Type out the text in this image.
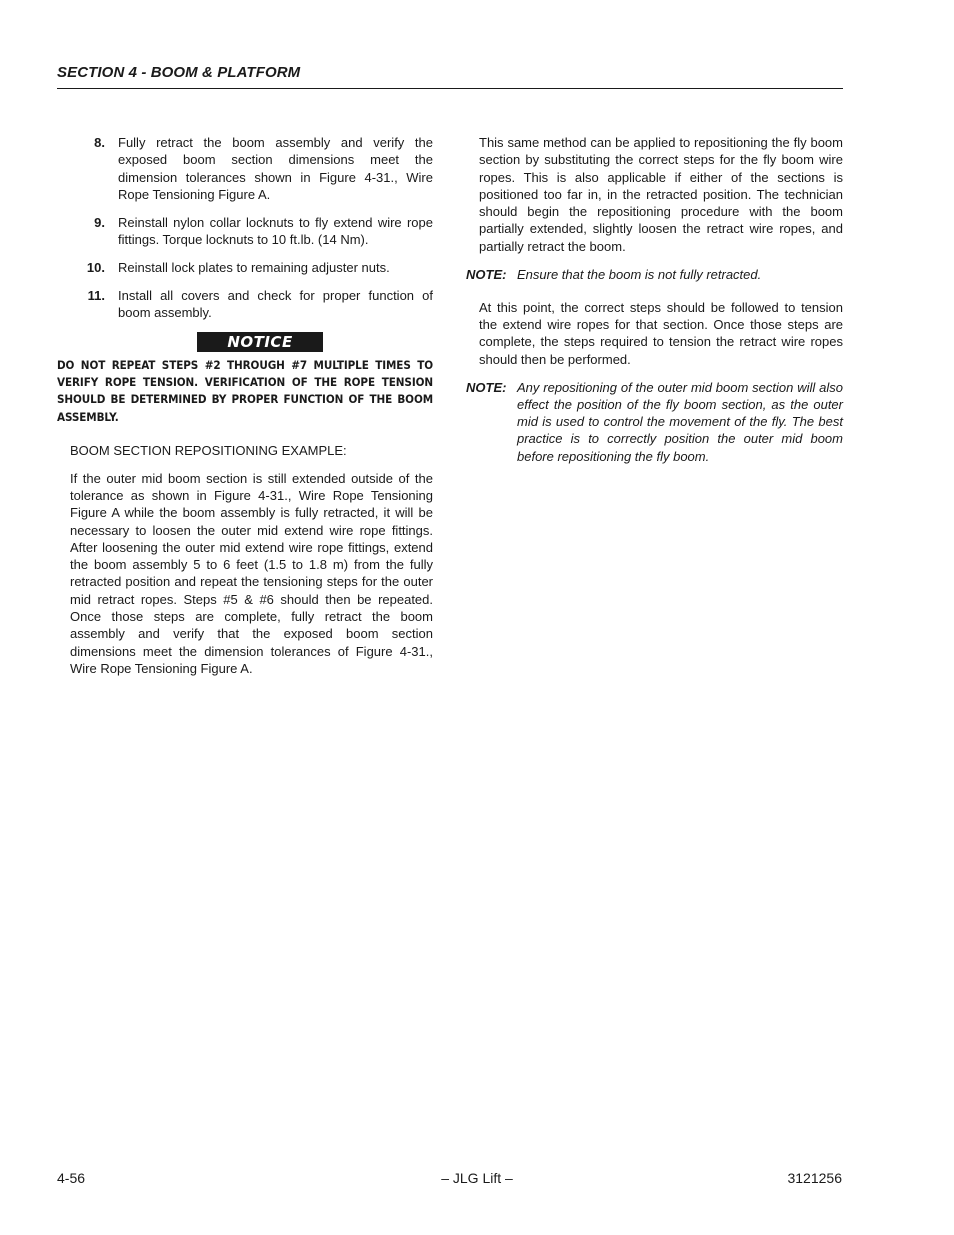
SECTION 4 - BOOM & PLATFORM
8.	Fully retract the boom assembly and verify the exposed boom section dimensions meet the dimension tolerances shown in Figure 4-31., Wire Rope Tensioning Figure A.
9.	Reinstall nylon collar locknuts to fly extend wire rope fittings. Torque locknuts to 10 ft.lb. (14 Nm).
10.	Reinstall lock plates to remaining adjuster nuts.
11.	Install all covers and check for proper function of boom assembly.
NOTICE

DO NOT REPEAT STEPS #2 THROUGH #7 MULTIPLE TIMES TO VERIFY ROPE TENSION. VERIFICATION OF THE ROPE TENSION SHOULD BE DETERMINED BY PROPER FUNCTION OF THE BOOM ASSEMBLY.

BOOM SECTION REPOSITIONING EXAMPLE:

If the outer mid boom section is still extended outside of the tolerance as shown in Figure 4-31., Wire Rope Tensioning Figure A while the boom assembly is fully retracted, it will be necessary to loosen the outer mid extend wire rope fittings. After loosening the outer mid extend wire rope fittings, extend the boom assembly 5 to 6 feet (1.5 to 1.8 m) from the fully retracted position and repeat the tensioning steps for the outer mid retract ropes. Steps #5 & #6 should then be repeated. Once those steps are complete, fully retract the boom assembly and verify that the exposed boom section dimensions meet the dimension tolerances of Figure 4-31., Wire Rope Tensioning Figure A.

This same method can be applied to repositioning the fly boom section by substituting the correct steps for the fly boom wire ropes. This is also applicable if either of the sections is positioned too far in, in the retracted position. The technician should begin the repositioning procedure with the boom partially extended, slightly loosen the retract wire ropes, and partially retract the boom.

NOTE: Ensure that the boom is not fully retracted.

At this point, the correct steps should be followed to tension the extend wire ropes for that section. Once those steps are complete, the steps required to tension the retract wire ropes should then be performed.

NOTE: Any repositioning of the outer mid boom section will also effect the position of the fly boom section, as the outer mid is used to control the movement of the fly. The best practice is to correctly position the outer mid boom before repositioning the fly boom.
4-56	– JLG Lift –	3121256
